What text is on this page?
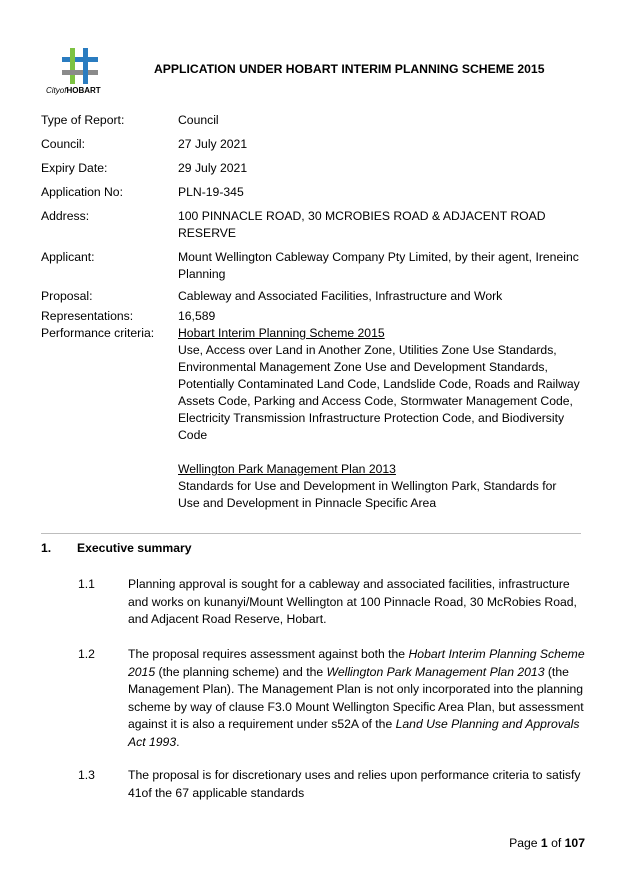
CityofHOBART
APPLICATION UNDER HOBART INTERIM PLANNING SCHEME 2015
Type of Report:	Council
Council:	27 July 2021
Expiry Date:	29 July 2021
Application No:	PLN-19-345
Address:	100 PINNACLE ROAD, 30 MCROBIES ROAD & ADJACENT ROAD RESERVE
Applicant:	Mount Wellington Cableway Company Pty Limited, by their agent, Ireneinc Planning
Proposal:	Cableway and Associated Facilities, Infrastructure and Work
Representations:	16,589
Performance criteria:	Hobart Interim Planning Scheme 2015
Use, Access over Land in Another Zone, Utilities Zone Use Standards, Environmental Management Zone Use and Development Standards, Potentially Contaminated Land Code, Landslide Code, Roads and Railway Assets Code, Parking and Access Code, Stormwater Management Code, Electricity Transmission Infrastructure Protection Code, and Biodiversity Code
Wellington Park Management Plan 2013
Standards for Use and Development in Wellington Park, Standards for Use and Development in Pinnacle Specific Area
1. Executive summary
1.1	Planning approval is sought for a cableway and associated facilities, infrastructure and works on kunanyi/Mount Wellington at 100 Pinnacle Road, 30 McRobies Road, and Adjacent Road Reserve, Hobart.
1.2	The proposal requires assessment against both the Hobart Interim Planning Scheme 2015 (the planning scheme) and the Wellington Park Management Plan 2013 (the Management Plan). The Management Plan is not only incorporated into the planning scheme by way of clause F3.0 Mount Wellington Specific Area Plan, but assessment against it is also a requirement under s52A of the Land Use Planning and Approvals Act 1993.
1.3	The proposal is for discretionary uses and relies upon performance criteria to satisfy 41of the 67 applicable standards
Page 1 of 107
